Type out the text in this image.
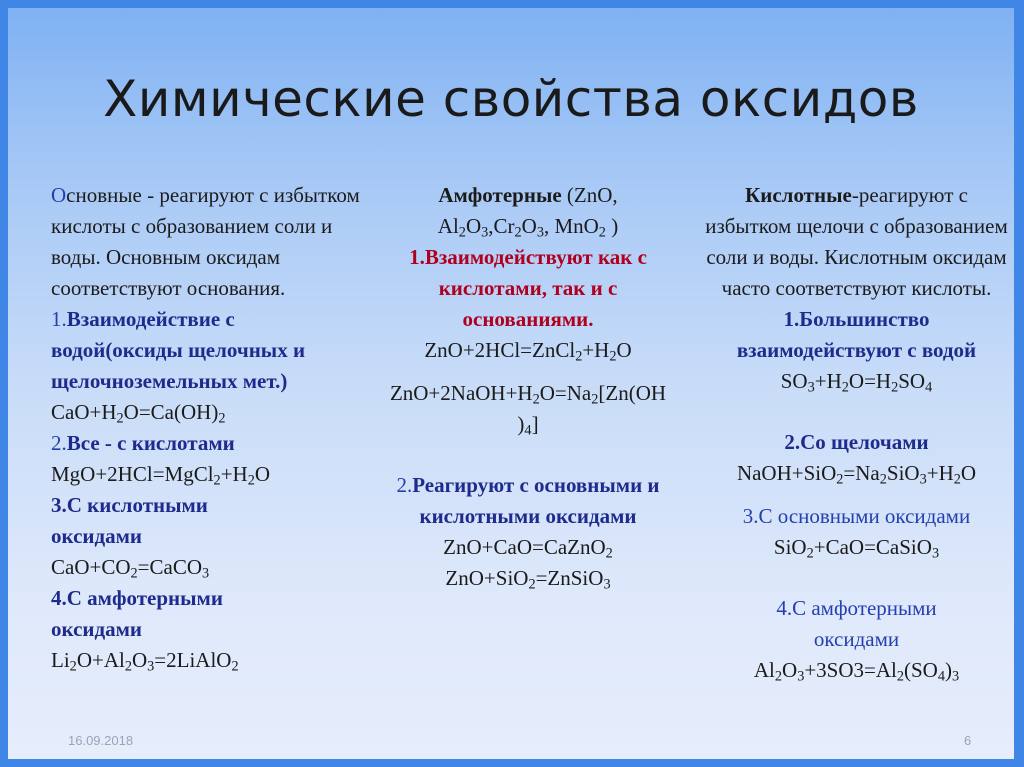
Химические свойства оксидов
Основные - реагируют с избытком кислоты с образованием соли и воды. Основным оксидам соответствуют основания.
1.Взаимодействие с водой(оксиды щелочных и щелочноземельных мет.)
$CaO+H_2O=Ca(OH)_2$
2.Все - с кислотами
$MgO+2HCl=MgCl_2+H_2O$
3.С кислотными оксидами
$CaO+CO_2=CaCO_3$
4.С амфотерными оксидами
$Li_2O+Al_2O_3=2LiAlO_2$
Амфотерные (ZnO,
$Al_2O_3,Cr_2O_3$, MnO$_2$ )
1.Взаимодействуют как с кислотами, так и с основаниями.
$ZnO+2HCl=ZnCl_2+H_2O$
$ZnO+2NaOH+H_2O=Na_2[Zn(OH$
)$_4$]
2.Реагируют с основными и кислотными оксидами
ZnO+CaO=CaZnO$_2$
ZnO+SiO$_2$=ZnSiO$_3$
Кислотные-реагируют с избытком щелочи с образованием соли и воды. Кислотным оксидам часто соответствуют кислоты.
1.Большинство взаимодействуют с водой
$SO_3+H_2O=H_2SO_4$
2.Со щелочами
$NaOH+SiO_2=Na_2SiO_3+H_2O$
3.С основными оксидами
SiO$_2$+CaO=CaSiO$_3$
4.С амфотерными оксидами
$Al_2O_3+3SO3=Al_2(SO_4)_3$
16.09.2018	6
